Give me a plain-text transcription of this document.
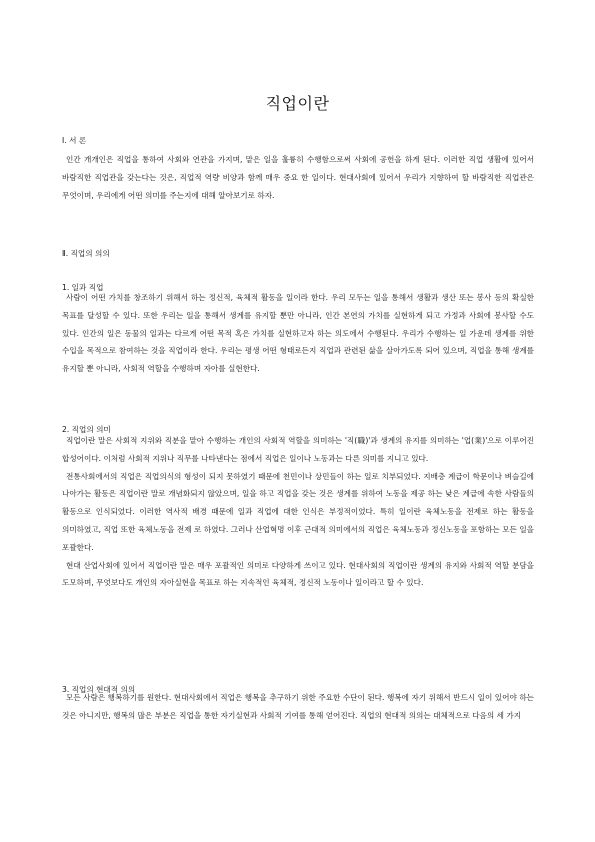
직업이란
Ⅰ. 서 론

인간 개개인은 직업을 통하여 사회와 연관을 가지며, 맡은 일을 훌륭히 수행함으로써 사회에 공헌을 하게 된다. 이러한 직업 생활에 있어서 바람직한 직업관을 갖는다는 것은, 직업적 역량 비양과 함께 매우 중요 한 일이다. 현대사회에 있어서 우리가 지향하여 할 바람직한 직업관은 무엇이며, 우리에게 어떤 의미를 주는지에 대해 알아보기로 하자.

Ⅱ. 직업의 의의
1. 일과 직업

사람이 어떤 가치를 창조하기 위해서 하는 정신적, 육체적 활동을 일이라 한다. 우리 모두는 일을 통해서 생활과 생산 또는 봉사 등의 확실한 목표를 달성할 수 있다. 또한 우리는 일을 통해서 생계를 유지할 뿐만 아니라, 인간 본연의 가치를 실현하게 되고 가정과 사회에 봉사할 수도 있다. 인간의 일은 동물의 일과는 다르게 어떤 목적 혹은 가치를 실현하고자 하는 의도에서 수행된다. 우리가 수행하는 일 가운데 생계를 위한 수입을 목적으로 참여하는 것을 직업이라 한다. 우리는 평생 어떤 형태로든지 직업과 관련된 삶을 살아가도록 되어 있으며, 직업을 통해 생계를 유지할 뿐 아니라, 사회적 역할을 수행하며 자아를 실현한다.

2. 직업의 의미

직업이란 말은 사회적 지위와 직분을 맡아 수행하는 개인의 사회적 역할을 의미하는 '직(職)'과 생계의 유지를 의미하는 '업(業)'으로 이루어진 합성어이다. 이처럼 사회적 지위나 직무를 나타낸다는 점에서 직업은 일이나 노동과는 다른 의미를 지니고 있다.

전통사회에서의 직업은 직업의식의 형성이 되지 못하였기 때문에 천민이나 상민들이 하는 일로 치부되었다. 지배층 계급이 학문이나 벼슬길에 나아가는 활동은 직업이란 말로 개념화되지 않았으며, 일을 하고 직업을 갖는 것은 생계를 위하여 노동을 제공 하는 낮은 계급에 속한 사람들의 활동으로 인식되었다. 이러한 역사적 배경 때문에 일과 직업에 대한 인식은 부정적이었다. 특히 일이란 육체노동을 전제로 하는 활동을 의미하였고, 직업 또한 육체노동을 전제 로 하였다. 그러나 산업혁명 이후 근대적 의미에서의 직업은 육체노동과 정신노동을 포함하는 모든 일을 포괄한다.

현대 산업사회에 있어서 직업이란 말은 매우 포괄적인 의미로 다양하게 쓰이고 있다. 현대사회의 직업이란 생계의 유지와 사회적 역할 분담을 도모하며, 무엇보다도 개인의 자아실현을 목표로 하는 지속적인 육체적, 정신적 노동이나 일이라고 할 수 있다.

3. 직업의 현대적 의의

모든 사람은 행복하기를 원한다. 현대사회에서 직업은 행복을 추구하기 위한 주요한 수단이 된다. 행복에 자기 위해서 반드시 일이 있어야 하는 것은 아니지만, 행복의 많은 부분은 직업을 통한 자기실현과 사회적 기여를 통해 얻어진다. 직업의 현대적 의의는 대체적으로 다음의 세 가지
